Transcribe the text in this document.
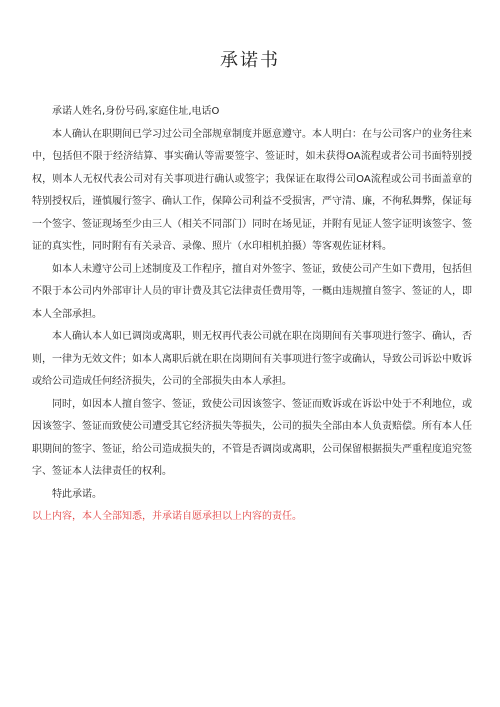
承诺书

承诺人姓名,身份号码,家庭住址,电话O

本人确认在职期间已学习过公司全部规章制度并愿意遵守。本人明白：在与公司客户的业务往来中，包括但不限于经济结算、事实确认等需要签字、签证时，如未获得OA流程或者公司书面特别授权，则本人无权代表公司对有关事项进行确认或签字；我保证在取得公司OA流程或公司书面盖章的特别授权后，谨慎履行签字、确认工作，保障公司利益不受损害，严守清、廉，不徇私舞弊，保证每一个签字、签证现场至少由三人（相关不同部门）同时在场见证，并附有见证人签字证明该签字、签证的真实性，同时附有有关录音、录像、照片（水印相机拍摄）等客观佐证材料。

如本人未遵守公司上述制度及工作程序，擅自对外签字、签证，致使公司产生如下费用，包括但不限于本公司内外部审计人员的审计费及其它法律责任费用等，一概由违规擅自签字、签证的人，即本人全部承担。

本人确认本人如已调岗或离职，则无权再代表公司就在职在岗期间有关事项进行签字、确认，否则，一律为无效文件；如本人离职后就在职在岗期间有关事项进行签字或确认，导致公司诉讼中败诉或给公司造成任何经济损失，公司的全部损失由本人承担。

同时，如因本人擅自签字、签证，致使公司因该签字、签证而败诉或在诉讼中处于不利地位，或因该签字、签证而致使公司遭受其它经济损失等损失，公司的损失全部由本人负责赔偿。所有本人任职期间的签字、签证，给公司造成损失的，不管是否调岗或离职，公司保留根据损失严重程度追究签字、签证本人法律责任的权利。

特此承诺。

以上内容，本人全部知悉，并承诺自愿承担以上内容的责任。
